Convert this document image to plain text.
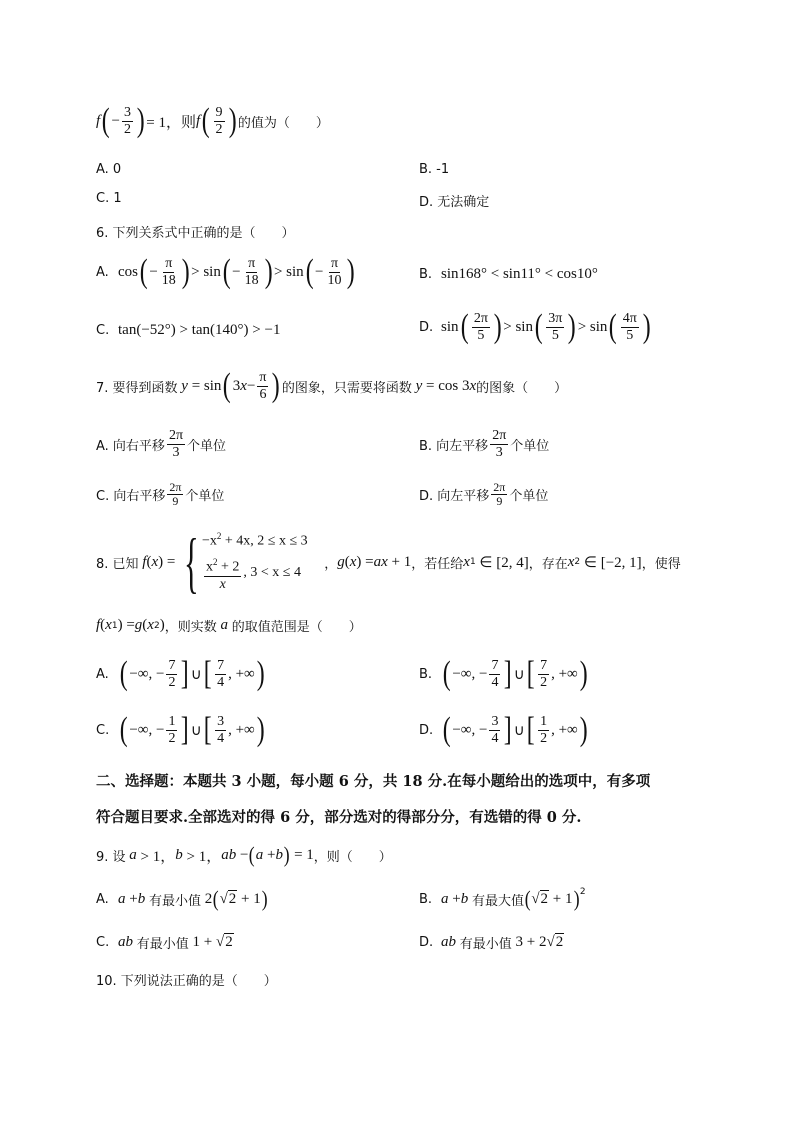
f ( − $\frac{3}{2}$ ) = 1，则 f ( $\frac{9}{2}$ ) 的值为（　　）
A. 0	B. -1
C. 1	D. 无法确定
6. 下列关系式中正确的是（　　）
A. cos ( − $\frac{\pi}{18}$ ) > sin ( − $\frac{\pi}{18}$ ) > sin ( − $\frac{\pi}{10}$ )	B. sin168° < sin11° < cos10°
C. tan(−52°) > tan(140°) > −1	D. sin ( $\frac{2\pi}{5}$ ) > sin ( $\frac{3\pi}{5}$ ) > sin ( $\frac{4\pi}{5}$ )
7. 要得到函数 y = sin ( 3 $x - \frac{\pi}{6}$ ) 的图象，只需要将函数 y = cos 3 x 的图象（　　）
A. 向右平移 $\frac{2\pi}{3}$ 个单位	B. 向左平移 $\frac{2\pi}{3}$ 个单位
C. 向右平移 $\frac{2\pi}{9}$ 个单位	D. 向左平移 $\frac{2\pi}{9}$ 个单位
8. 已知 f ( x ) = { $-x^2 + 4x$, 2 ≤ x ≤ 3
$\frac{x^2 + 2}{x}$ , 3 < x ≤ 4

， g ( x ) = ax + 1 ，若任给 x 1 ∈ [2, 4] ，存在 x 2 ∈ [−2, 1] ，使得
f ( x 1 ) = g ( x 2 ) ，则实数 a 的取值范围是（　　）
A. ( −∞, − $\frac{7}{2}$ ] ∪ [ $\frac{7}{4}$ , +∞ )	B. ( −∞, − $\frac{7}{4}$ ] ∪ [ $\frac{7}{2}$ , +∞ )
C. ( −∞, − $\frac{1}{2}$ ] ∪ [ $\frac{3}{4}$ , +∞ )	D. ( −∞, − $\frac{3}{4}$ ] ∪ [ $\frac{1}{2}$ , +∞ )
二、选择题：本题共 3 小题，每小题 6 分，共 18 分.在每小题给出的选项中，有多项
符合题目要求.全部选对的得 6 分，部分选对的得部分分，有选错的得 0 分.
9. 设 a > 1， b > 1， ab − ( a + b ) = 1 ，则（　　）
A. a + b 有最小值 2 ( √2 + 1 )	B. a + b 有最大值 ( √2 + 1 )$^2$
C. ab 有最小值 1 + √2	D. ab 有最小值 3 + 2√2
10. 下列说法正确的是（　　）
